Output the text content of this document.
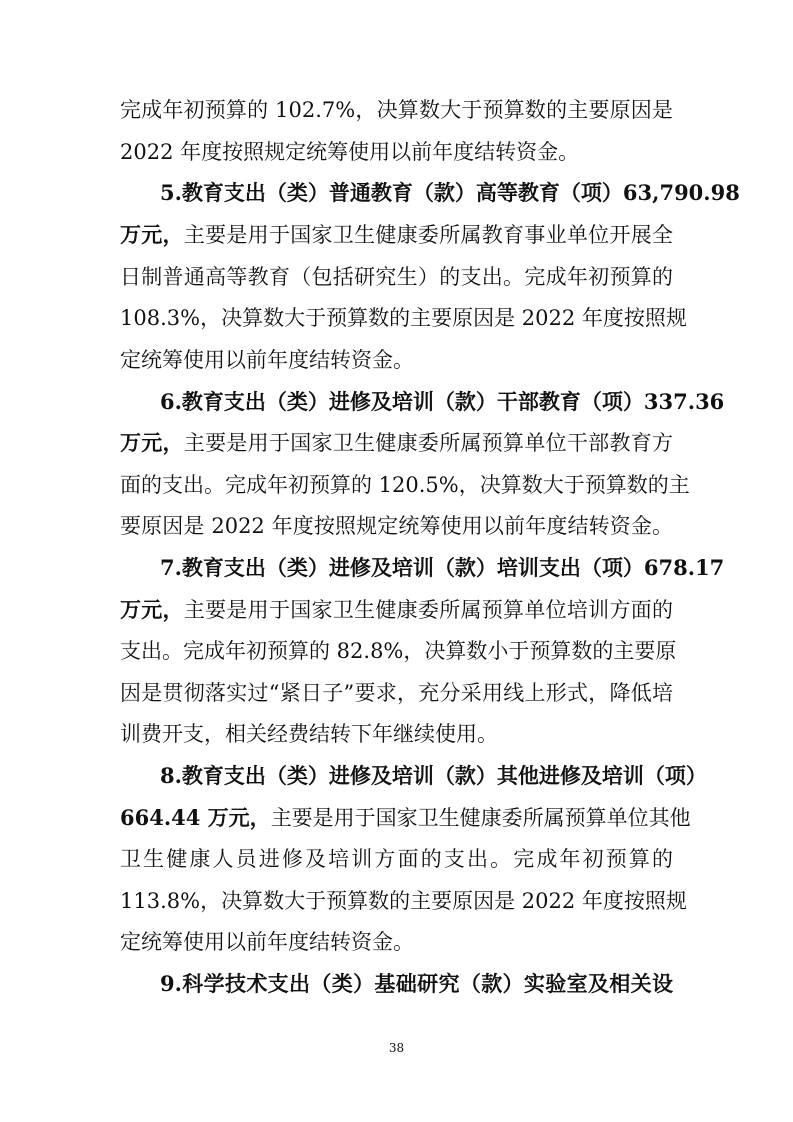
完成年初预算的 102.7%，决算数大于预算数的主要原因是
2022 年度按照规定统筹使用以前年度结转资金。
5.教育支出（类）普通教育（款）高等教育（项）63,790.98
万元，主要是用于国家卫生健康委所属教育事业单位开展全
日制普通高等教育（包括研究生）的支出。完成年初预算的
108.3%，决算数大于预算数的主要原因是 2022 年度按照规
定统筹使用以前年度结转资金。
6.教育支出（类）进修及培训（款）干部教育（项）337.36
万元，主要是用于国家卫生健康委所属预算单位干部教育方
面的支出。完成年初预算的 120.5%，决算数大于预算数的主
要原因是 2022 年度按照规定统筹使用以前年度结转资金。
7.教育支出（类）进修及培训（款）培训支出（项）678.17
万元，主要是用于国家卫生健康委所属预算单位培训方面的
支出。完成年初预算的 82.8%，决算数小于预算数的主要原
因是贯彻落实过“紧日子”要求，充分采用线上形式，降低培
训费开支，相关经费结转下年继续使用。
8.教育支出（类）进修及培训（款）其他进修及培训（项）
664.44 万元，主要是用于国家卫生健康委所属预算单位其他
卫生健康人员进修及培训方面的支出。完成年初预算的
113.8%，决算数大于预算数的主要原因是 2022 年度按照规
定统筹使用以前年度结转资金。
9.科学技术支出（类）基础研究（款）实验室及相关设
38
